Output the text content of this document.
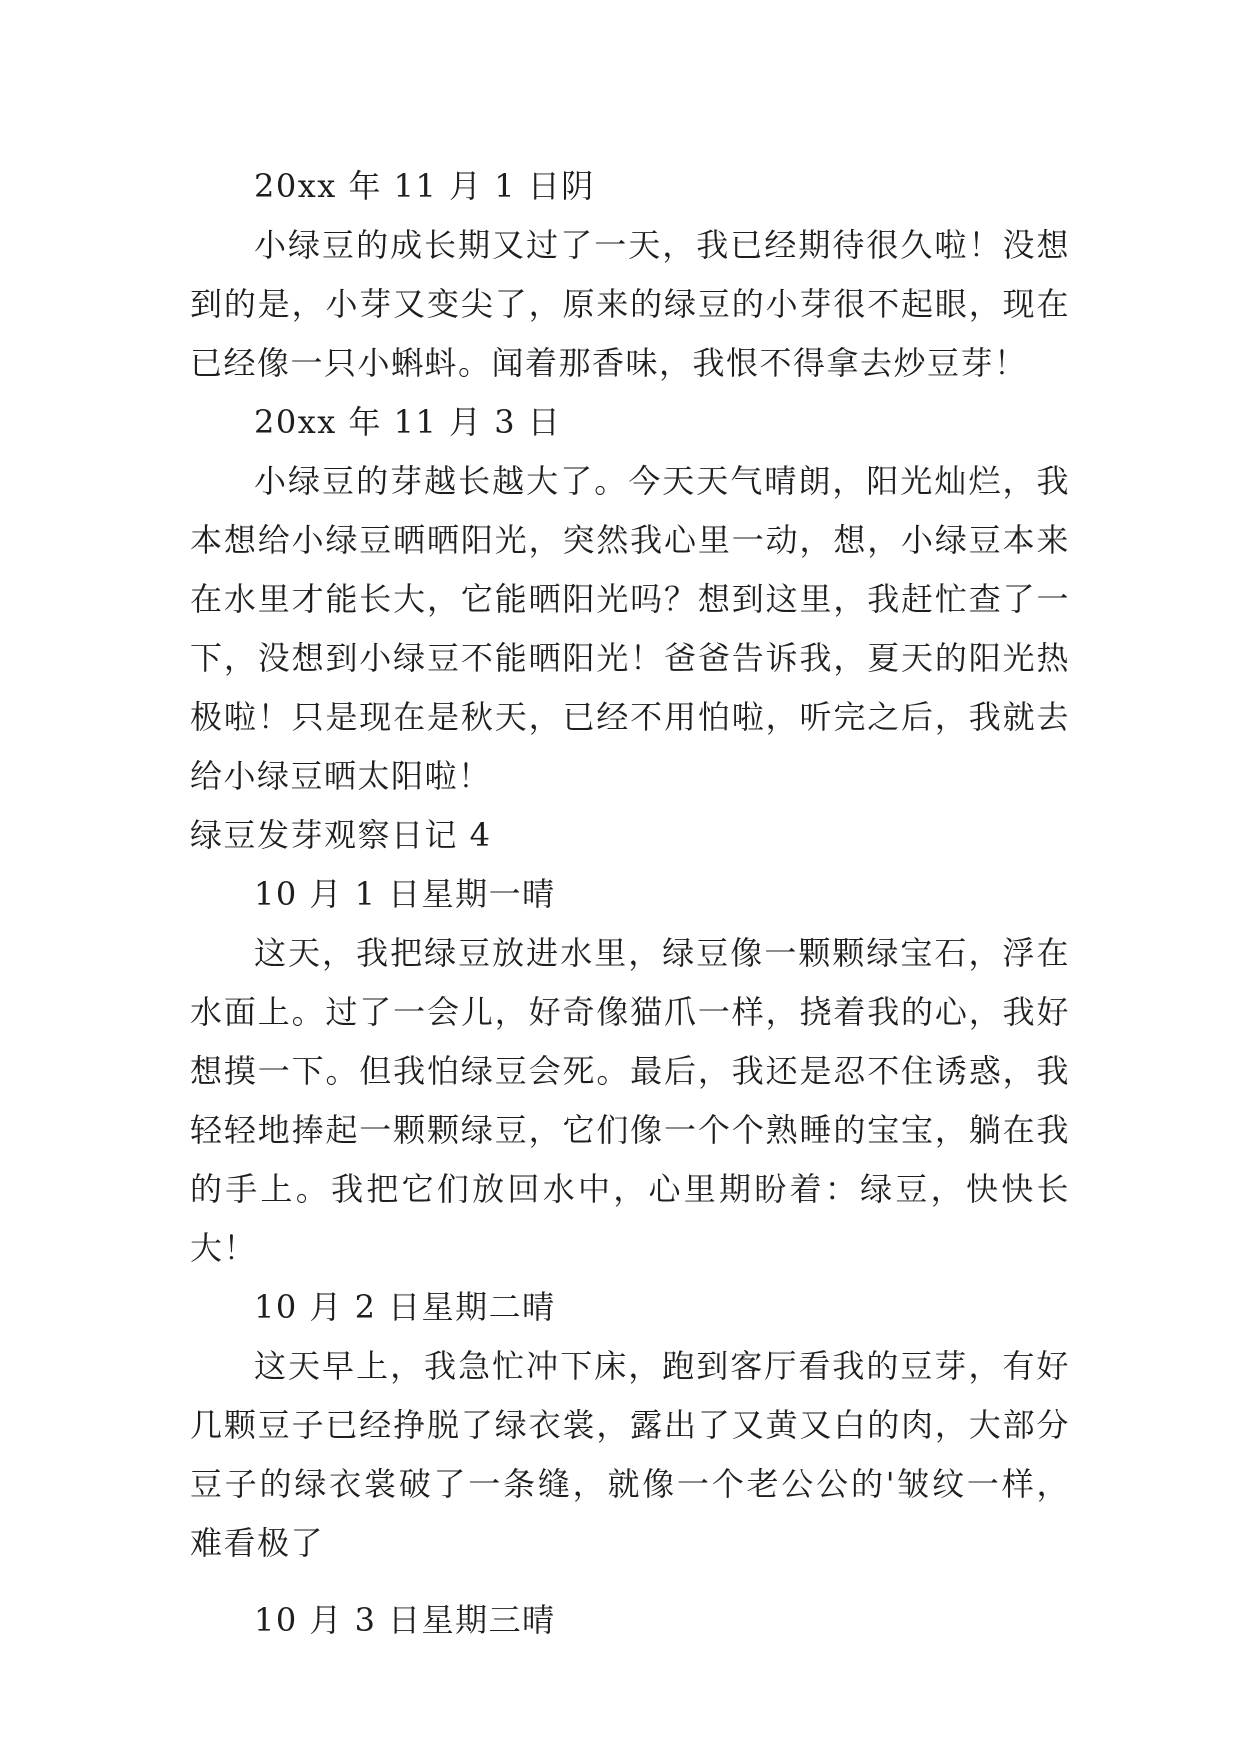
20xx 年 11 月 1 日阴

小绿豆的成长期又过了一天，我已经期待很久啦！没想到的是，小芽又变尖了，原来的绿豆的小芽很不起眼，现在已经像一只小蝌蚪。闻着那香味，我恨不得拿去炒豆芽！

20xx 年 11 月 3 日

小绿豆的芽越长越大了。今天天气晴朗，阳光灿烂，我本想给小绿豆晒晒阳光，突然我心里一动，想，小绿豆本来在水里才能长大，它能晒阳光吗？想到这里，我赶忙查了一下，没想到小绿豆不能晒阳光！爸爸告诉我，夏天的阳光热极啦！只是现在是秋天，已经不用怕啦，听完之后，我就去给小绿豆晒太阳啦！

绿豆发芽观察日记 4

10 月 1 日星期一晴

这天，我把绿豆放进水里，绿豆像一颗颗绿宝石，浮在水面上。过了一会儿，好奇像猫爪一样，挠着我的心，我好想摸一下。但我怕绿豆会死。最后，我还是忍不住诱惑，我轻轻地捧起一颗颗绿豆，它们像一个个熟睡的宝宝，躺在我的手上。我把它们放回水中，心里期盼着：绿豆，快快长大！

10 月 2 日星期二晴

这天早上，我急忙冲下床，跑到客厅看我的豆芽，有好几颗豆子已经挣脱了绿衣裳，露出了又黄又白的肉，大部分豆子的绿衣裳破了一条缝，就像一个老公公的'皱纹一样，难看极了

10 月 3 日星期三晴
